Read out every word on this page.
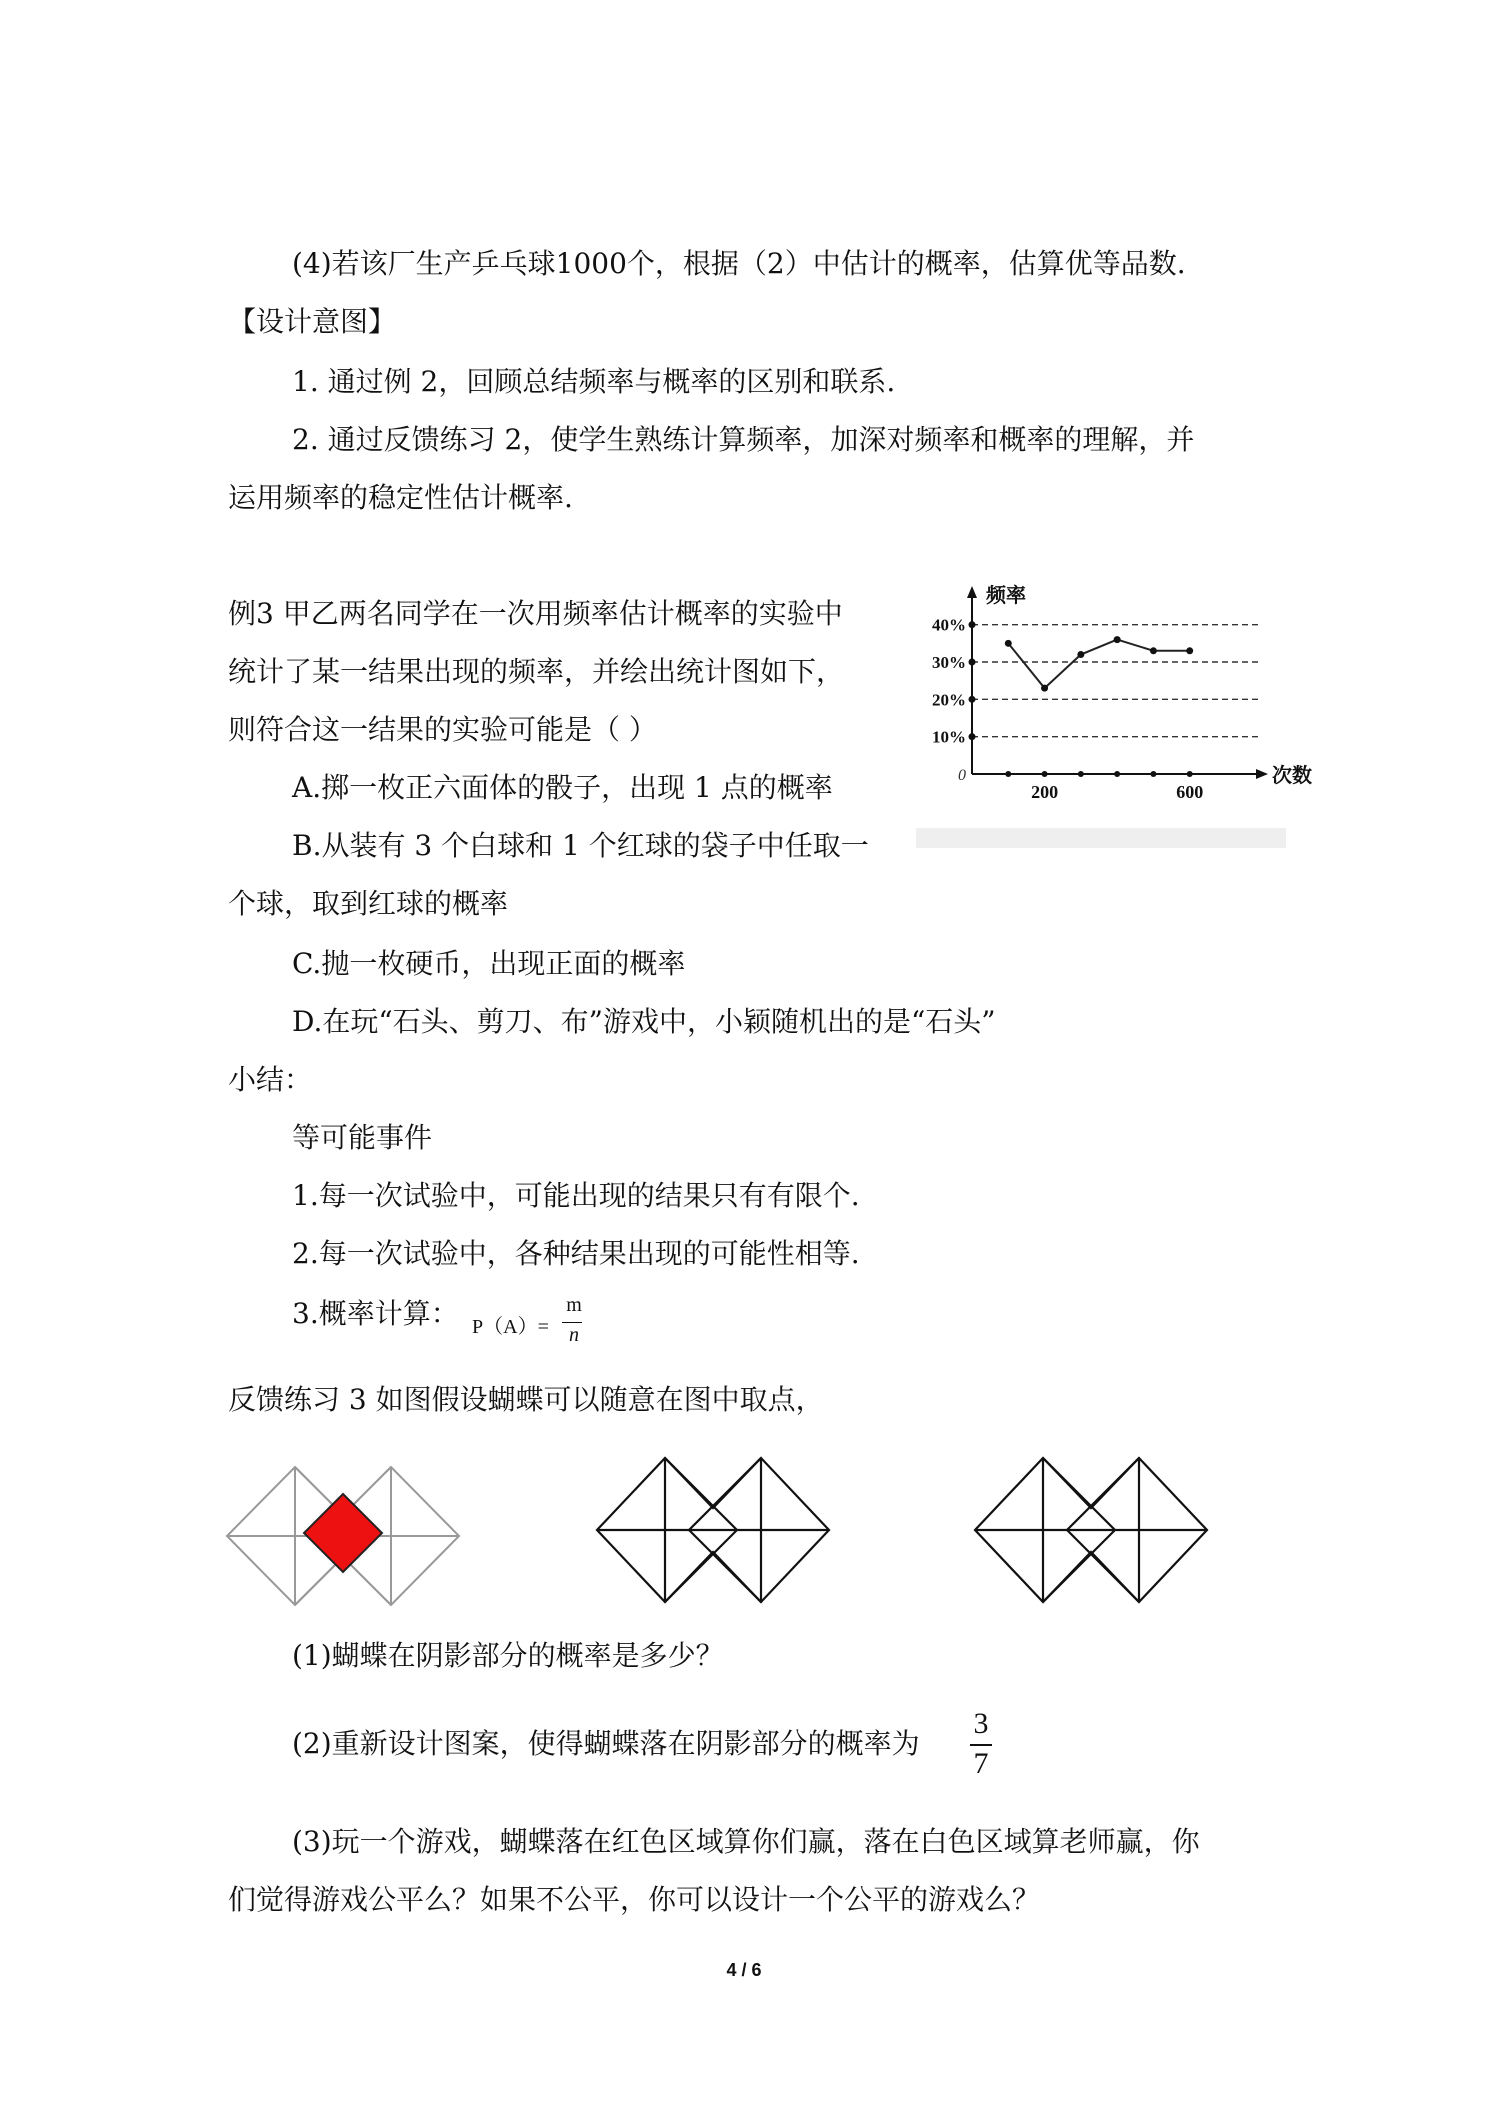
(4)若该厂生产乒乓球1000个，根据（2）中估计的概率，估算优等品数.
【设计意图】
1. 通过例 2，回顾总结频率与概率的区别和联系.
2. 通过反馈练习 2，使学生熟练计算频率，加深对频率和概率的理解，并
运用频率的稳定性估计概率.
例3 甲乙两名同学在一次用频率估计概率的实验中
统计了某一结果出现的频率，并绘出统计图如下，
则符合这一结果的实验可能是（ ）
A.掷一枚正六面体的骰子，出现 1 点的概率
B.从装有 3 个白球和 1 个红球的袋子中任取一
个球，取到红球的概率
C.抛一枚硬币，出现正面的概率
D.在玩“石头、剪刀、布”游戏中，小颖随机出的是“石头”
40%
30%
20%
10%
频率
次数
0
200	600
小结：
等可能事件
1.每一次试验中，可能出现的结果只有有限个.
2.每一次试验中，各种结果出现的可能性相等.
3.概率计算： P（A）=
m
n
反馈练习 3 如图假设蝴蝶可以随意在图中取点，
(1)蝴蝶在阴影部分的概率是多少？
(2)重新设计图案，使得蝴蝶落在阴影部分的概率为
3
7
(3)玩一个游戏，蝴蝶落在红色区域算你们赢，落在白色区域算老师赢，你
们觉得游戏公平么？如果不公平，你可以设计一个公平的游戏么？
4 / 6
